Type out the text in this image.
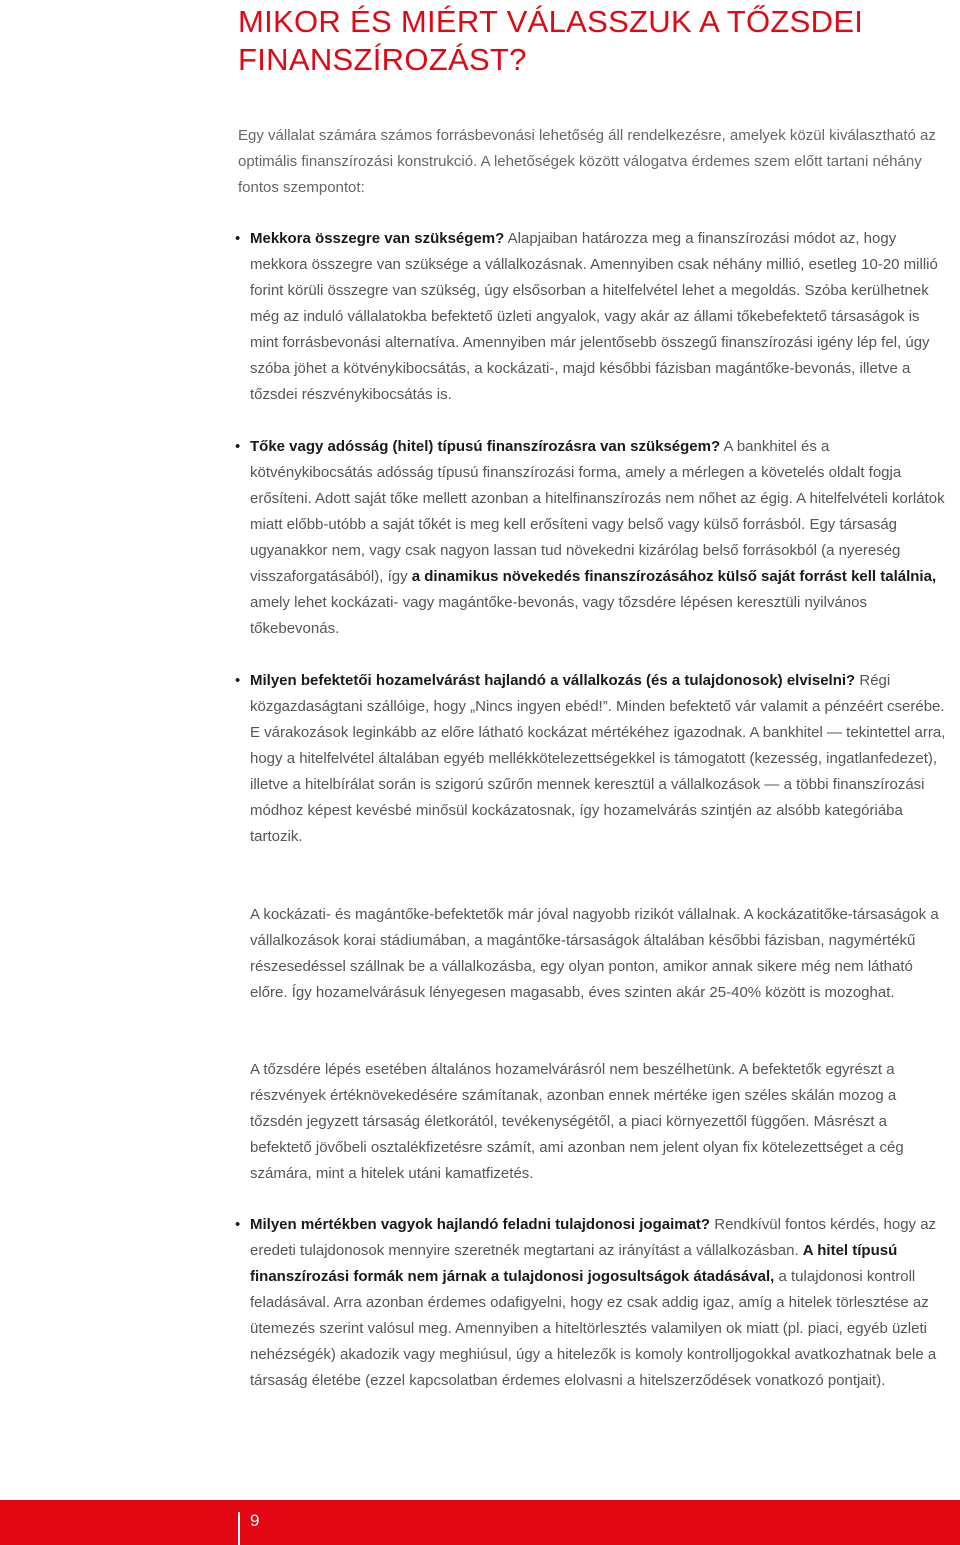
MIKOR ÉS MIÉRT VÁLASSZUK A TŐZSDEI FINANSZÍROZÁST?

Egy vállalat számára számos forrásbevonási lehetőség áll rendelkezésre, amelyek közül kiválasztható az optimális finanszírozási konstrukció. A lehetőségek között válogatva érdemes szem előtt tartani néhány fontos szempontot:

• Mekkora összegre van szükségem? Alapjaiban határozza meg a finanszírozási módot az, hogy mekkora összegre van szüksége a vállalkozásnak. Amennyiben csak néhány millió, esetleg 10-20 millió forint körüli összegre van szükség, úgy elsősorban a hitelfelvétel lehet a megoldás. Szóba kerülhetnek még az induló vállalatokba befektető üzleti angyalok, vagy akár az állami tőkebefektető társaságok is mint forrásbevonási alternatíva. Amennyiben már jelentősebb összegű finanszírozási igény lép fel, úgy szóba jöhet a kötvénykibocsátás, a kockázati-, majd későbbi fázisban magántőke-bevonás, illetve a tőzsdei részvénykibocsátás is.
• Tőke vagy adósság (hitel) típusú finanszírozásra van szükségem? A bankhitel és a kötvénykibocsátás adósság típusú finanszírozási forma, amely a mérlegen a követelés oldalt fogja erősíteni. Adott saját tőke mellett azonban a hitelfinanszírozás nem nőhet az égig. A hitelfelvételi korlátok miatt előbb-utóbb a saját tőkét is meg kell erősíteni vagy belső vagy külső forrásból. Egy társaság ugyanakkor nem, vagy csak nagyon lassan tud növekedni kizárólag belső forrásokból (a nyereség visszaforgatásából), így a dinamikus növekedés finanszírozásához külső saját forrást kell találnia, amely lehet kockázati- vagy magántőke-bevonás, vagy tőzsdére lépésen keresztüli nyilvános tőkebevonás.
• Milyen befektetői hozamelvárást hajlandó a vállalkozás (és a tulajdonosok) elviselni? Régi közgazdaságtani szállóige, hogy „Nincs ingyen ebéd!”. Minden befektető vár valamit a pénzéért cserébe. E várakozások leginkább az előre látható kockázat mértékéhez igazodnak. A bankhitel — tekintettel arra, hogy a hitelfelvétel általában egyéb mellékkötelezettségekkel is támogatott (kezesség, ingatlanfedezet), illetve a hitelbírálat során is szigorú szűrőn mennek keresztül a vállalkozások — a többi finanszírozási módhoz képest kevésbé minősül kockázatosnak, így hozamelvárás szintjén az alsóbb kategóriába tartozik.

A kockázati- és magántőke-befektetők már jóval nagyobb rizikót vállalnak. A kockázatitőke-társaságok a vállalkozások korai stádiumában, a magántőke-társaságok általában későbbi fázisban, nagymértékű részesedéssel szállnak be a vállalkozásba, egy olyan ponton, amikor annak sikere még nem látható előre. Így hozamelvárásuk lényegesen magasabb, éves szinten akár 25-40% között is mozoghat.

A tőzsdére lépés esetében általános hozamelvárásról nem beszélhetünk. A befektetők egyrészt a részvények értéknövekedésére számítanak, azonban ennek mértéke igen széles skálán mozog a tőzsdén jegyzett társaság életkorától, tevékenységétől, a piaci környezettől függően. Másrészt a befektető jövőbeli osztalékfizetésre számít, ami azonban nem jelent olyan fix kötelezettséget a cég számára, mint a hitelek utáni kamatfizetés.

• Milyen mértékben vagyok hajlandó feladni tulajdonosi jogaimat? Rendkívül fontos kérdés, hogy az eredeti tulajdonosok mennyire szeretnék megtartani az irányítást a vállalkozásban. A hitel típusú finanszírozási formák nem járnak a tulajdonosi jogosultságok átadásával, a tulajdonosi kontroll feladásával. Arra azonban érdemes odafigyelni, hogy ez csak addig igaz, amíg a hitelek törlesztése az ütemezés szerint valósul meg. Amennyiben a hiteltörlesztés valamilyen ok miatt (pl. piaci, egyéb üzleti nehézségék) akadozik vagy meghiúsul, úgy a hitelezők is komoly kontrolljogokkal avatkozhatnak bele a társaság életébe (ezzel kapcsolatban érdemes elolvasni a hitelszerződések vonatkozó pontjait).
9
